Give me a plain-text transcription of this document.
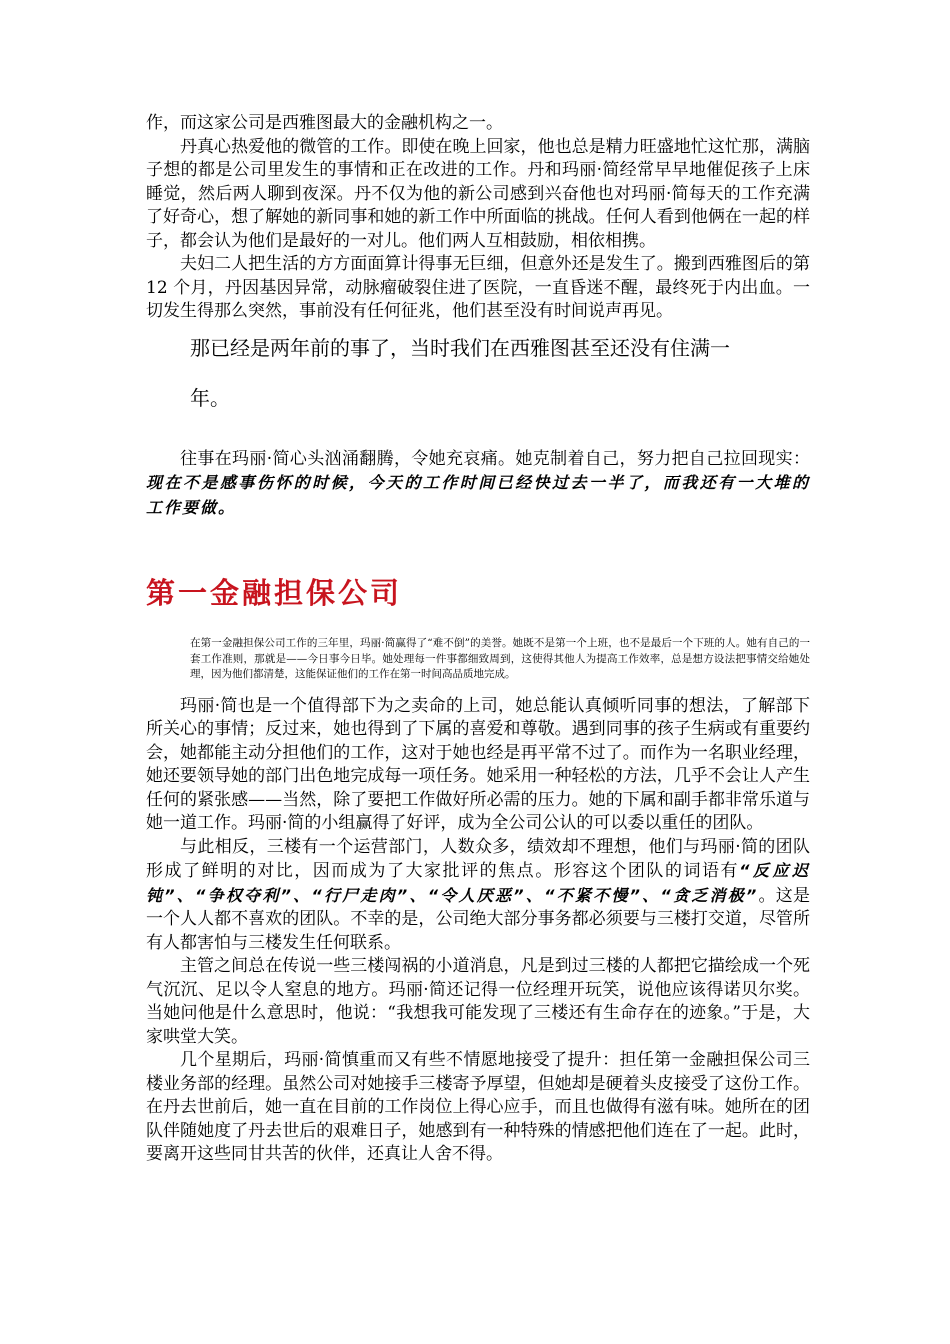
作，而这家公司是西雅图最大的金融机构之一。

丹真心热爱他的微管的工作。即使在晚上回家，他也总是精力旺盛地忙这忙那，满脑子想的都是公司里发生的事情和正在改进的工作。丹和玛丽·简经常早早地催促孩子上床睡觉，然后两人聊到夜深。丹不仅为他的新公司感到兴奋他也对玛丽·简每天的工作充满了好奇心，想了解她的新同事和她的新工作中所面临的挑战。任何人看到他俩在一起的样子，都会认为他们是最好的一对儿。他们两人互相鼓励，相依相携。

夫妇二人把生活的方方面面算计得事无巨细，但意外还是发生了。搬到西雅图后的第 12 个月，丹因基因异常，动脉瘤破裂住进了医院，一直昏迷不醒，最终死于内出血。一切发生得那么突然，事前没有任何征兆，他们甚至没有时间说声再见。

那已经是两年前的事了，当时我们在西雅图甚至还没有住满一

年。

往事在玛丽·简心头汹涌翻腾，令她充哀痛。她克制着自己，努力把自己拉回现实：现在不是感事伤怀的时候，今天的工作时间已经快过去一半了，而我还有一大堆的工作要做。

第一金融担保公司

在第一金融担保公司工作的三年里，玛丽·简赢得了“难不倒”的美誉。她既不是第一个上班，也不是最后一个下班的人。她有自己的一套工作准则，那就是——今日事今日毕。她处理每一件事都细致周到，这使得其他人为提高工作效率，总是想方设法把事情交给她处理，因为他们都清楚，这能保证他们的工作在第一时间高品质地完成。

玛丽·简也是一个值得部下为之卖命的上司，她总能认真倾听同事的想法，了解部下所关心的事情；反过来，她也得到了下属的喜爱和尊敬。遇到同事的孩子生病或有重要约会，她都能主动分担他们的工作，这对于她也经是再平常不过了。而作为一名职业经理，她还要领导她的部门出色地完成每一项任务。她采用一种轻松的方法，几乎不会让人产生任何的紧张感——当然，除了要把工作做好所必需的压力。她的下属和副手都非常乐道与她一道工作。玛丽·简的小组赢得了好评，成为全公司公认的可以委以重任的团队。

与此相反，三楼有一个运营部门，人数众多，绩效却不理想，他们与玛丽·简的团队形成了鲜明的对比，因而成为了大家批评的焦点。形容这个团队的词语有“反应迟钝”、“争权夺利”、“行尸走肉”、“令人厌恶”、“不紧不慢”、“贪乏消极”。这是一个人人都不喜欢的团队。不幸的是，公司绝大部分事务都必须要与三楼打交道，尽管所有人都害怕与三楼发生任何联系。

主管之间总在传说一些三楼闯祸的小道消息，凡是到过三楼的人都把它描绘成一个死气沉沉、足以令人窒息的地方。玛丽·简还记得一位经理开玩笑，说他应该得诺贝尔奖。当她问他是什么意思时，他说：“我想我可能发现了三楼还有生命存在的迹象。”于是，大家哄堂大笑。

几个星期后，玛丽·简慎重而又有些不情愿地接受了提升：担任第一金融担保公司三楼业务部的经理。虽然公司对她接手三楼寄予厚望，但她却是硬着头皮接受了这份工作。在丹去世前后，她一直在目前的工作岗位上得心应手，而且也做得有滋有味。她所在的团队伴随她度了丹去世后的艰难日子，她感到有一种特殊的情感把他们连在了一起。此时，要离开这些同甘共苦的伙伴，还真让人舍不得。
